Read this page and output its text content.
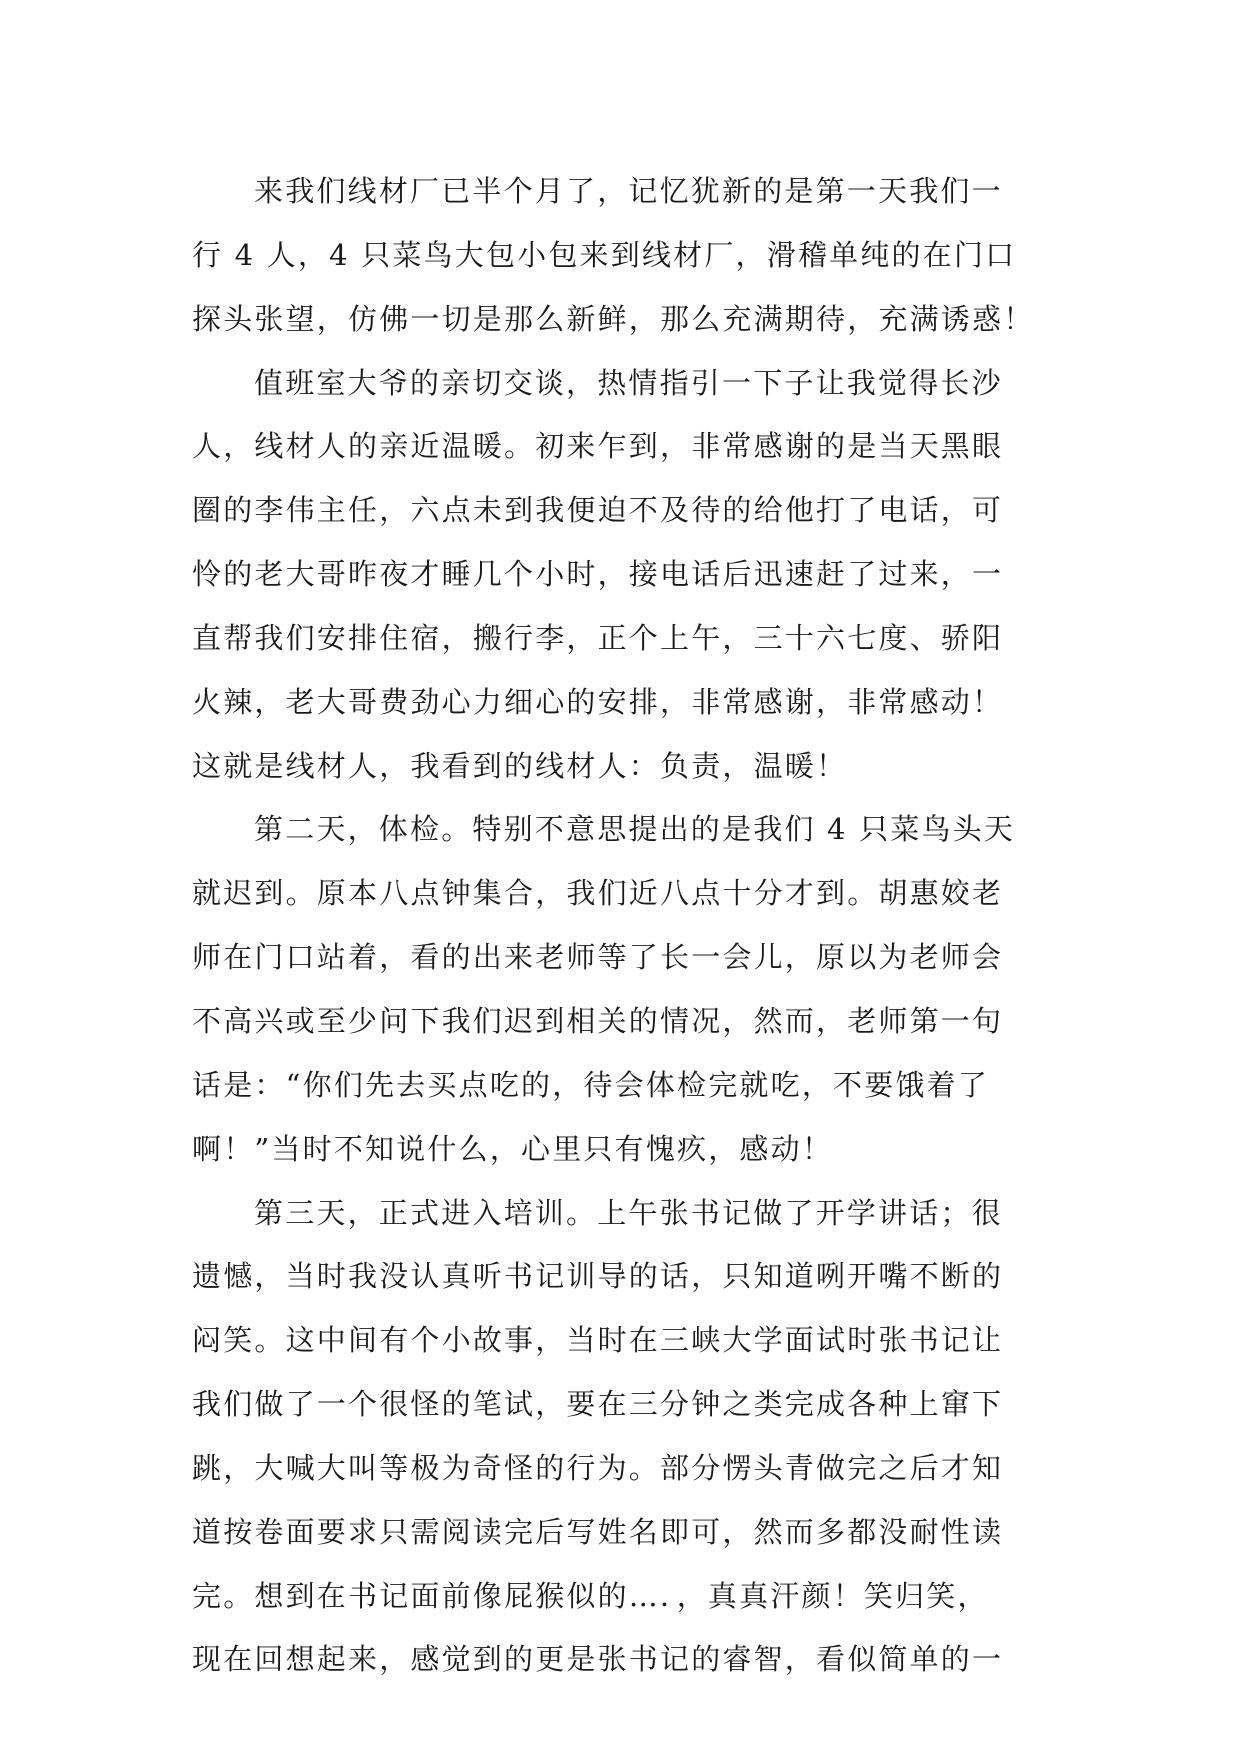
来我们线材厂已半个月了，记忆犹新的是第一天我们一
行 4 人，4 只菜鸟大包小包来到线材厂，滑稽单纯的在门口
探头张望，仿佛一切是那么新鲜，那么充满期待，充满诱惑！
值班室大爷的亲切交谈，热情指引一下子让我觉得长沙
人，线材人的亲近温暖。初来乍到，非常感谢的是当天黑眼
圈的李伟主任，六点未到我便迫不及待的给他打了电话，可
怜的老大哥昨夜才睡几个小时，接电话后迅速赶了过来，一
直帮我们安排住宿，搬行李，正个上午，三十六七度、骄阳
火辣，老大哥费劲心力细心的安排，非常感谢，非常感动！
这就是线材人，我看到的线材人：负责，温暖！
第二天，体检。特别不意思提出的是我们 4 只菜鸟头天
就迟到。原本八点钟集合，我们近八点十分才到。胡惠姣老
师在门口站着，看的出来老师等了长一会儿，原以为老师会
不高兴或至少问下我们迟到相关的情况，然而，老师第一句
话是：“你们先去买点吃的，待会体检完就吃，不要饿着了
啊！”当时不知说什么，心里只有愧疚，感动！
第三天，正式进入培训。上午张书记做了开学讲话；很
遗憾，当时我没认真听书记训导的话，只知道咧开嘴不断的
闷笑。这中间有个小故事，当时在三峡大学面试时张书记让
我们做了一个很怪的笔试，要在三分钟之类完成各种上窜下
跳，大喊大叫等极为奇怪的行为。部分愣头青做完之后才知
道按卷面要求只需阅读完后写姓名即可，然而多都没耐性读
完。想到在书记面前像屁猴似的…．，真真汗颜！笑归笑，
现在回想起来，感觉到的更是张书记的睿智，看似简单的一
